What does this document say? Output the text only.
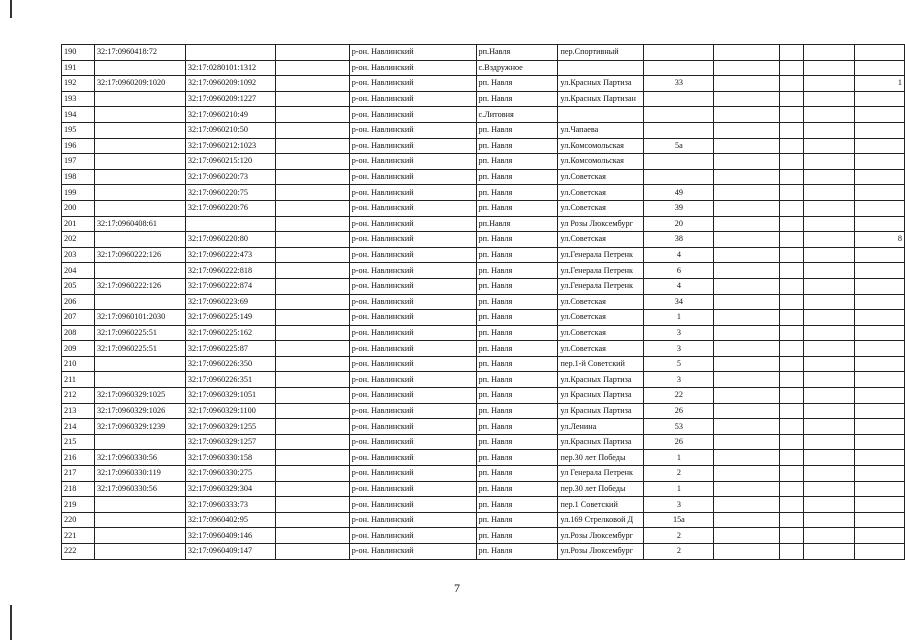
190	32:17:0960418:72			р-он. Навлинский	рп.Навля	пер.Спортивный					
191		32:17:0280101:1312		р-он. Навлинский	с.Вздружное						
192	32:17:0960209:1020	32:17:0960209:1092		р-он. Навлинский	рп. Навля	ул.Красных Партиза	33				1
193		32:17:0960209:1227		р-он. Навлинский	рп. Навля	ул.Красных Партизан					
194		32:17:0960210:49		р-он. Навлинский	с.Литовня						
195		32:17:0960210:50		р-он. Навлинский	рп. Навля	ул.Чапаева					
196		32:17:0960212:1023		р-он. Навлинский	рп. Навля	ул.Комсомольская	5а				
197		32:17:0960215:120		р-он. Навлинский	рп. Навля	ул.Комсомольская					
198		32:17:0960220:73		р-он. Навлинский	рп. Навля	ул.Советская					
199		32:17:0960220:75		р-он. Навлинский	рп. Навля	ул.Советская	49				
200		32:17:0960220:76		р-он. Навлинский	рп. Навля	ул.Советская	39				
201	32:17:0960408:61			р-он. Навлинский	рп.Навля	ул Розы Люксембург	20				
202		32:17:0960220:80		р-он. Навлинский	рп. Навля	ул.Советская	38				8
203	32:17:0960222:126	32:17:0960222:473		р-он. Навлинский	рп. Навля	ул.Генерала Петренк	4				
204		32:17:0960222:818		р-он. Навлинский	рп. Навля	ул.Генерала Петренк	6				
205	32:17:0960222:126	32:17:0960222:874		р-он. Навлинский	рп. Навля	ул.Генерала Петренк	4				
206		32:17:0960223:69		р-он. Навлинский	рп. Навля	ул.Советская	34				
207	32:17:0960101:2030	32:17:0960225:149		р-он. Навлинский	рп. Навля	ул.Советская	1				
208	32:17:0960225:51	32:17:0960225:162		р-он. Навлинский	рп. Навля	ул.Советская	3				
209	32:17:0960225:51	32:17:0960225:87		р-он. Навлинский	рп. Навля	ул.Советская	3				
210		32:17:0960226:350		р-он. Навлинский	рп. Навля	пер.1-й Советский	5				
211		32:17:0960226:351		р-он. Навлинский	рп. Навля	ул.Красных Партиза	3				
212	32:17:0960329:1025	32:17:0960329:1051		р-он. Навлинский	рп. Навля	ул Красных Партиза	22				
213	32:17:0960329:1026	32:17:0960329:1100		р-он. Навлинский	рп. Навля	ул Красных Партиза	26				
214	32:17:0960329:1239	32:17:0960329:1255		р-он. Навлинский	рп. Навля	ул.Ленина	53				
215		32:17:0960329:1257		р-он. Навлинский	рп. Навля	ул.Красных Партиза	26				
216	32:17:0960330:56	32:17:0960330:158		р-он. Навлинский	рп. Навля	пер.30 лет Победы	1				
217	32:17:0960330:119	32:17:0960330:275		р-он. Навлинский	рп. Навля	ул Генерала Петренк	2				
218	32:17:0960330:56	32:17:0960329:304		р-он. Навлинский	рп. Навля	пер.30 лет Победы	1				
219		32:17:0960333:73		р-он. Навлинский	рп. Навля	пер.1 Советский	3				
220		32:17:0960402:95		р-он. Навлинский	рп. Навля	ул.169 Стрелковой Д	15а				
221		32:17:0960409:146		р-он. Навлинский	рп. Навля	ул.Розы Люксембург	2				
222		32:17:0960409:147		р-он. Навлинский	рп. Навля	ул.Розы Люксембург	2				
7
